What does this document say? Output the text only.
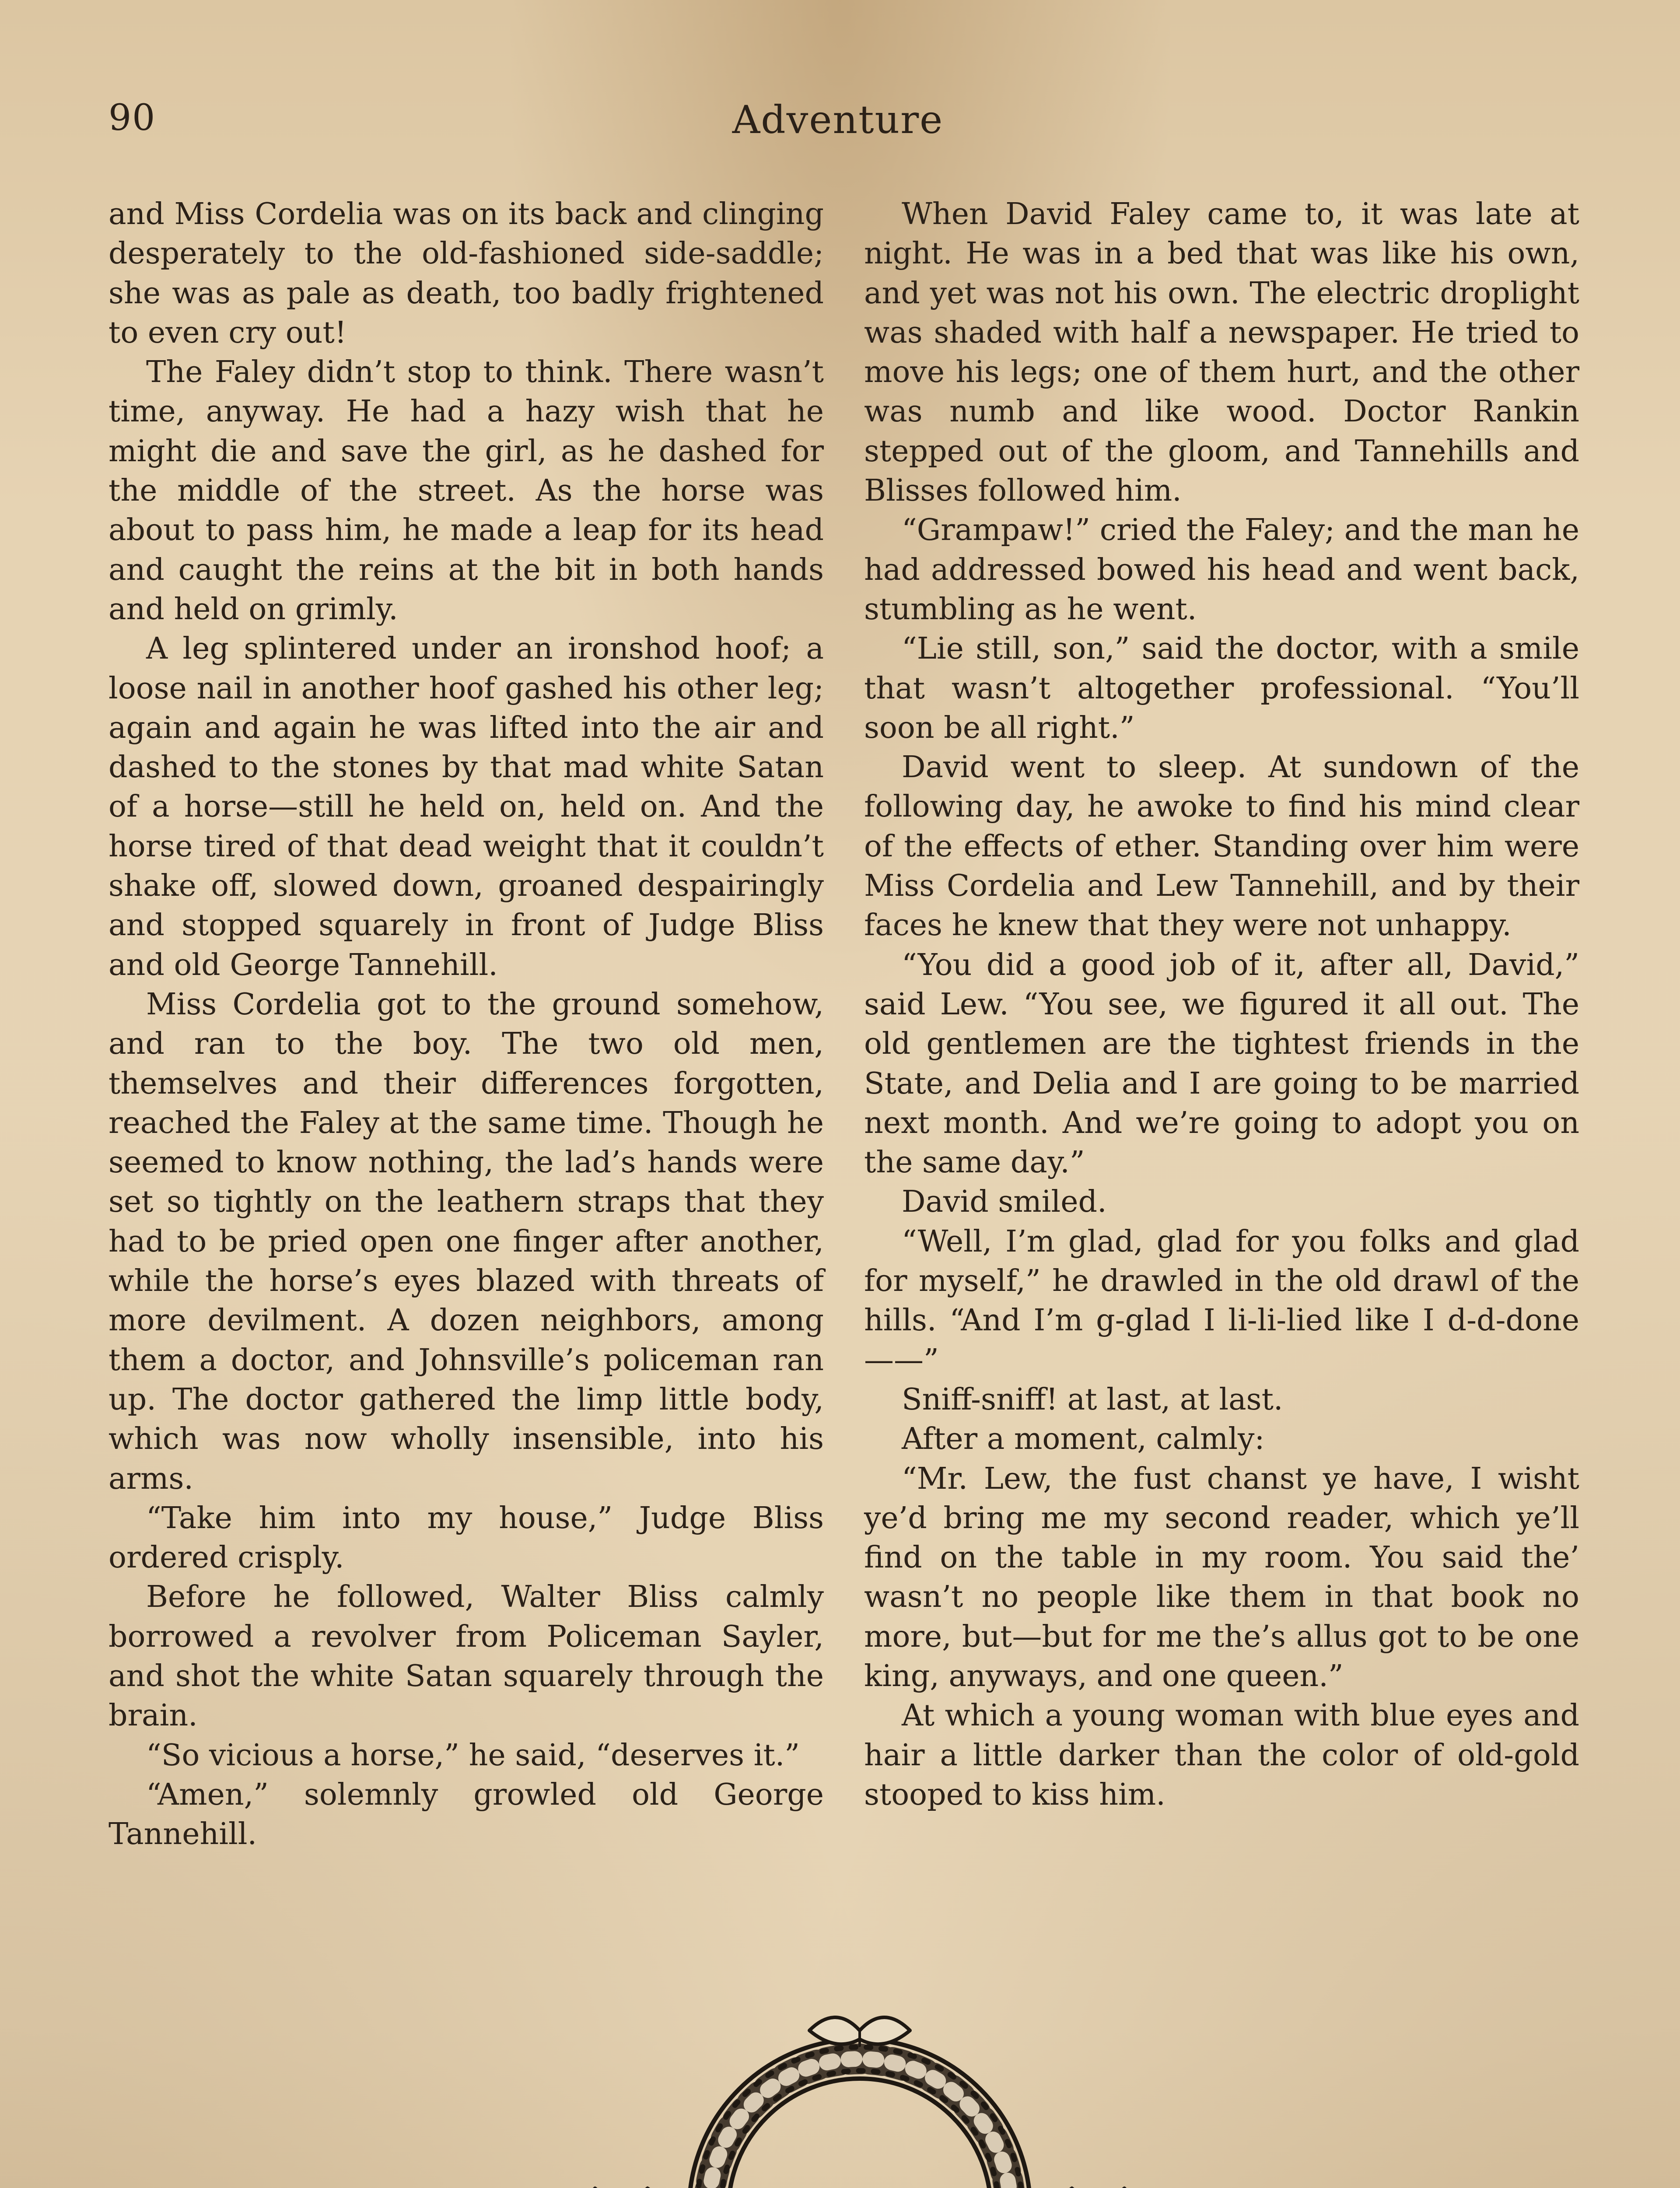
90	Adventure

and Miss Cordelia was on its back and clinging desperately to the old-fashioned side-saddle; she was as pale as death, too badly frightened to even cry out!

The Faley didn’t stop to think. There wasn’t time, anyway. He had a hazy wish that he might die and save the girl, as he dashed for the middle of the street. As the horse was about to pass him, he made a leap for its head and caught the reins at the bit in both hands and held on grimly.

A leg splintered under an ironshod hoof; a loose nail in another hoof gashed his other leg; again and again he was lifted into the air and dashed to the stones by that mad white Satan of a horse—still he held on, held on. And the horse tired of that dead weight that it couldn’t shake off, slowed down, groaned despairingly and stopped squarely in front of Judge Bliss and old George Tannehill.

Miss Cordelia got to the ground somehow, and ran to the boy. The two old men, themselves and their differences forgotten, reached the Faley at the same time. Though he seemed to know nothing, the lad’s hands were set so tightly on the leathern straps that they had to be pried open one finger after another, while the horse’s eyes blazed with threats of more devilment. A dozen neighbors, among them a doctor, and Johnsville’s policeman ran up. The doctor gathered the limp little body, which was now wholly insensible, into his arms.

“Take him into my house,” Judge Bliss ordered crisply.

Before he followed, Walter Bliss calmly borrowed a revolver from Policeman Sayler, and shot the white Satan squarely through the brain.

“So vicious a horse,” he said, “deserves it.”

“Amen,” solemnly growled old George Tannehill.

When David Faley came to, it was late at night. He was in a bed that was like his own, and yet was not his own. The electric droplight was shaded with half a newspaper. He tried to move his legs; one of them hurt, and the other was numb and like wood. Doctor Rankin stepped out of the gloom, and Tannehills and Blisses followed him.

“Grampaw!” cried the Faley; and the man he had addressed bowed his head and went back, stumbling as he went.

“Lie still, son,” said the doctor, with a smile that wasn’t altogether professional. “You’ll soon be all right.”

David went to sleep. At sundown of the following day, he awoke to find his mind clear of the effects of ether. Standing over him were Miss Cordelia and Lew Tannehill, and by their faces he knew that they were not unhappy.

“You did a good job of it, after all, David,” said Lew. “You see, we figured it all out. The old gentlemen are the tightest friends in the State, and Delia and I are going to be married next month. And we’re going to adopt you on the same day.”

David smiled.

“Well, I’m glad, glad for you folks and glad for myself,” he drawled in the old drawl of the hills. “And I’m g-glad I li-li-lied like I d-d-done——”

Sniff-sniff! at last, at last.

After a moment, calmly:

“Mr. Lew, the fust chanst ye have, I wisht ye’d bring me my second reader, which ye’ll find on the table in my room. You said the’ wasn’t no people like them in that book no more, but—but for me the’s allus got to be one king, anyways, and one queen.”

At which a young woman with blue eyes and hair a little darker than the color of old-gold stooped to kiss him.
